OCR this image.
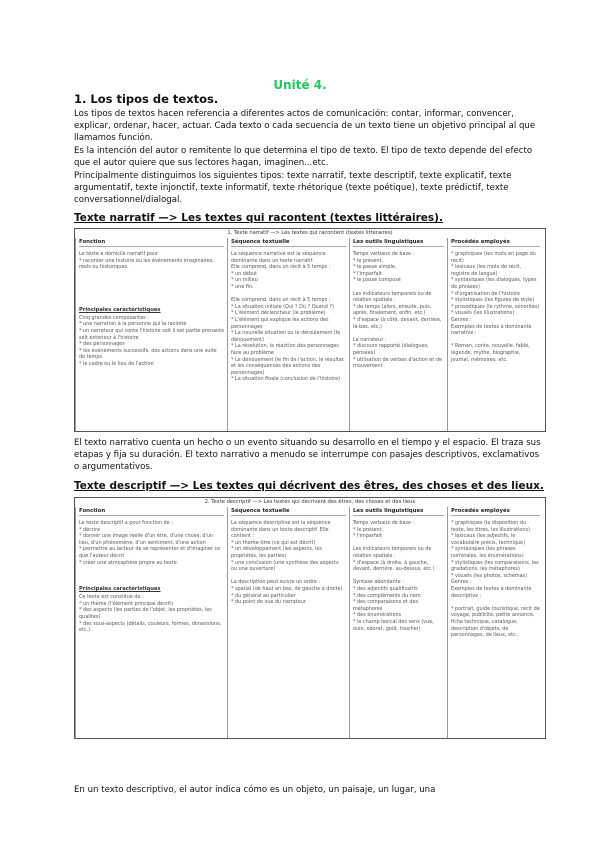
Unité 4.
1. Los tipos de textos.
Los tipos de textos hacen referencia a diferentes actos de comunicación: contar, informar, convencer, explicar, ordenar, hacer, actuar. Cada texto o cada secuencia de un texto tiene un objetivo principal al que llamamos función.
Es la intención del autor o remitente lo que determina el tipo de texto. El tipo de texto depende del efecto que el autor quiere que sus lectores hagan, imaginen...etc.
Principalmente distinguimos los siguientes tipos: texte narratif, texte descriptif, texte explicatif, texte argumentatif, texte injonctif, texte informatif, texte rhétorique (texte poétique), texte prédictif, texte conversationnel/dialogal.
Texte narratif —> Les textes qui racontent (textes littéraires).
1. Texte narratif —> Les textes qui racontent (textes littéraires)
Fonction
Le texte a domicile narratif pour
* raconter une histoire ou les événements imaginaires, réels ou historiques.
Principales caractéristiques
Cinq grandes composantes :
* une narration à la personne qui la raconte
* un narrateur qui conte l'histoire soit il est partie prenante soit extérieur à l'histoire
* des personnages
* les événements successifs, des actions dans une suite de temps
* le cadre ou le lieu de l'action
Séquence textuelle
La séquence narrative est la séquence dominante dans un texte narratif.
Elle comprend, dans un récit à 5 temps :
* un début
* un milieu
* une fin.

Elle comprend, dans un récit à 5 temps :
* La situation initiale (Qui ? Où ? Quand ?)
* L'élément déclencheur (le problème)
* L'élément qui explique les actions des personnages
* La nouvelle situation ou le déroulement (le dénouement)
* La résolution, la réaction des personnages face au problème
* Le dénouement (le fin de l'action, le résultat et les conséquences des actions des personnages)
* La situation finale (conclusion de l'histoire)
Les outils linguistiques
Temps verbaux de base :
* le présent,
* le passé simple,
* l'imparfait
* le passé composé

Les indicateurs temporels ou de relation spatiale :
* de temps (alors, ensuite, puis, après, finalement, enfin, etc.)
* d'espace (à côté, devant, derrière, là-bas, etc.)

Le narrateur :
* discours rapporté (dialogues, pensées)
* utilisation de verbes d'action et de mouvement
Procédés employés
* graphiques (les mots en page du récit)
* lexicaux (les mots de récit, registre de langue)
* syntaxiques (les dialogues, types de phrases)
* d'organisation de l'histoire
* stylistiques (les figures de style)
* prosodiques (le rythme, sonorités)
* visuels (les illustrations)
Genres :
Exemples de textes à dominante narrative :

* Roman, conte, nouvelle, fable, légende, mythe, biographie, journal, mémoires, etc.
El texto narrativo cuenta un hecho o un evento situando su desarrollo en el tiempo y el espacio. El traza sus etapas y fija su duración. El texto narrativo a menudo se interrumpe con pasajes descriptivos, exclamativos o argumentativos.
Texte descriptif —> Les textes qui décrivent des êtres, des choses et des lieux.
2. Texte descriptif —> Les textes qui décrivent des êtres, des choses et des lieux
Fonction
Le texte descriptif a pour fonction de :
* décrire
* donner une image réelle d'un être, d'une chose, d'un lieu, d'un phénomène, d'un sentiment, d'une action
* permettre au lecteur de se représenter et d'imaginer ce que l'auteur décrit
* créer une atmosphère propre au texte
Principales caractéristiques
Ce texte est constitué de :
* un thème (l'élément principal décrit)
* des aspects (les parties de l'objet, les propriétés, les qualités)
* des sous-aspects (détails, couleurs, formes, dimensions, etc.)
Séquence textuelle
La séquence descriptive est la séquence dominante dans un texte descriptif. Elle contient :
* un thème-titre (ce qui est décrit)
* un développement (les aspects, les propriétés, les parties)
* une conclusion (une synthèse des aspects ou une ouverture)

La description peut suivre un ordre :
* spatial (de haut en bas, de gauche à droite)
* du général au particulier
* du point de vue du narrateur
Les outils linguistiques
Temps verbaux de base :
* le présent,
* l'imparfait

Les indicateurs temporels ou de relation spatiale :
* d'espace (à droite, à gauche, devant, derrière, au-dessus, etc.)

Syntaxe abondante :
* des adjectifs qualificatifs
* des compléments du nom
* des comparaisons et des métaphores
* des énumérations
* le champ lexical des sens (vue, ouïe, odorat, goût, toucher)
Procédés employés
* graphiques (la disposition du texte, les titres, les illustrations)
* lexicaux (les adjectifs, le vocabulaire précis, technique)
* syntaxiques (les phrases nominales, les énumérations)
* stylistiques (les comparaisons, les gradations, les métaphores)
* visuels (les photos, schémas)
Genres :
Exemples de textes à dominante descriptive :

* portrait, guide touristique, récit de voyage, publicité, petite annonce, fiche technique, catalogue, description d'objets, de personnages, de lieux, etc.
En un texto descriptivo, el autor indica cómo es un objeto, un paisaje, un lugar, una
